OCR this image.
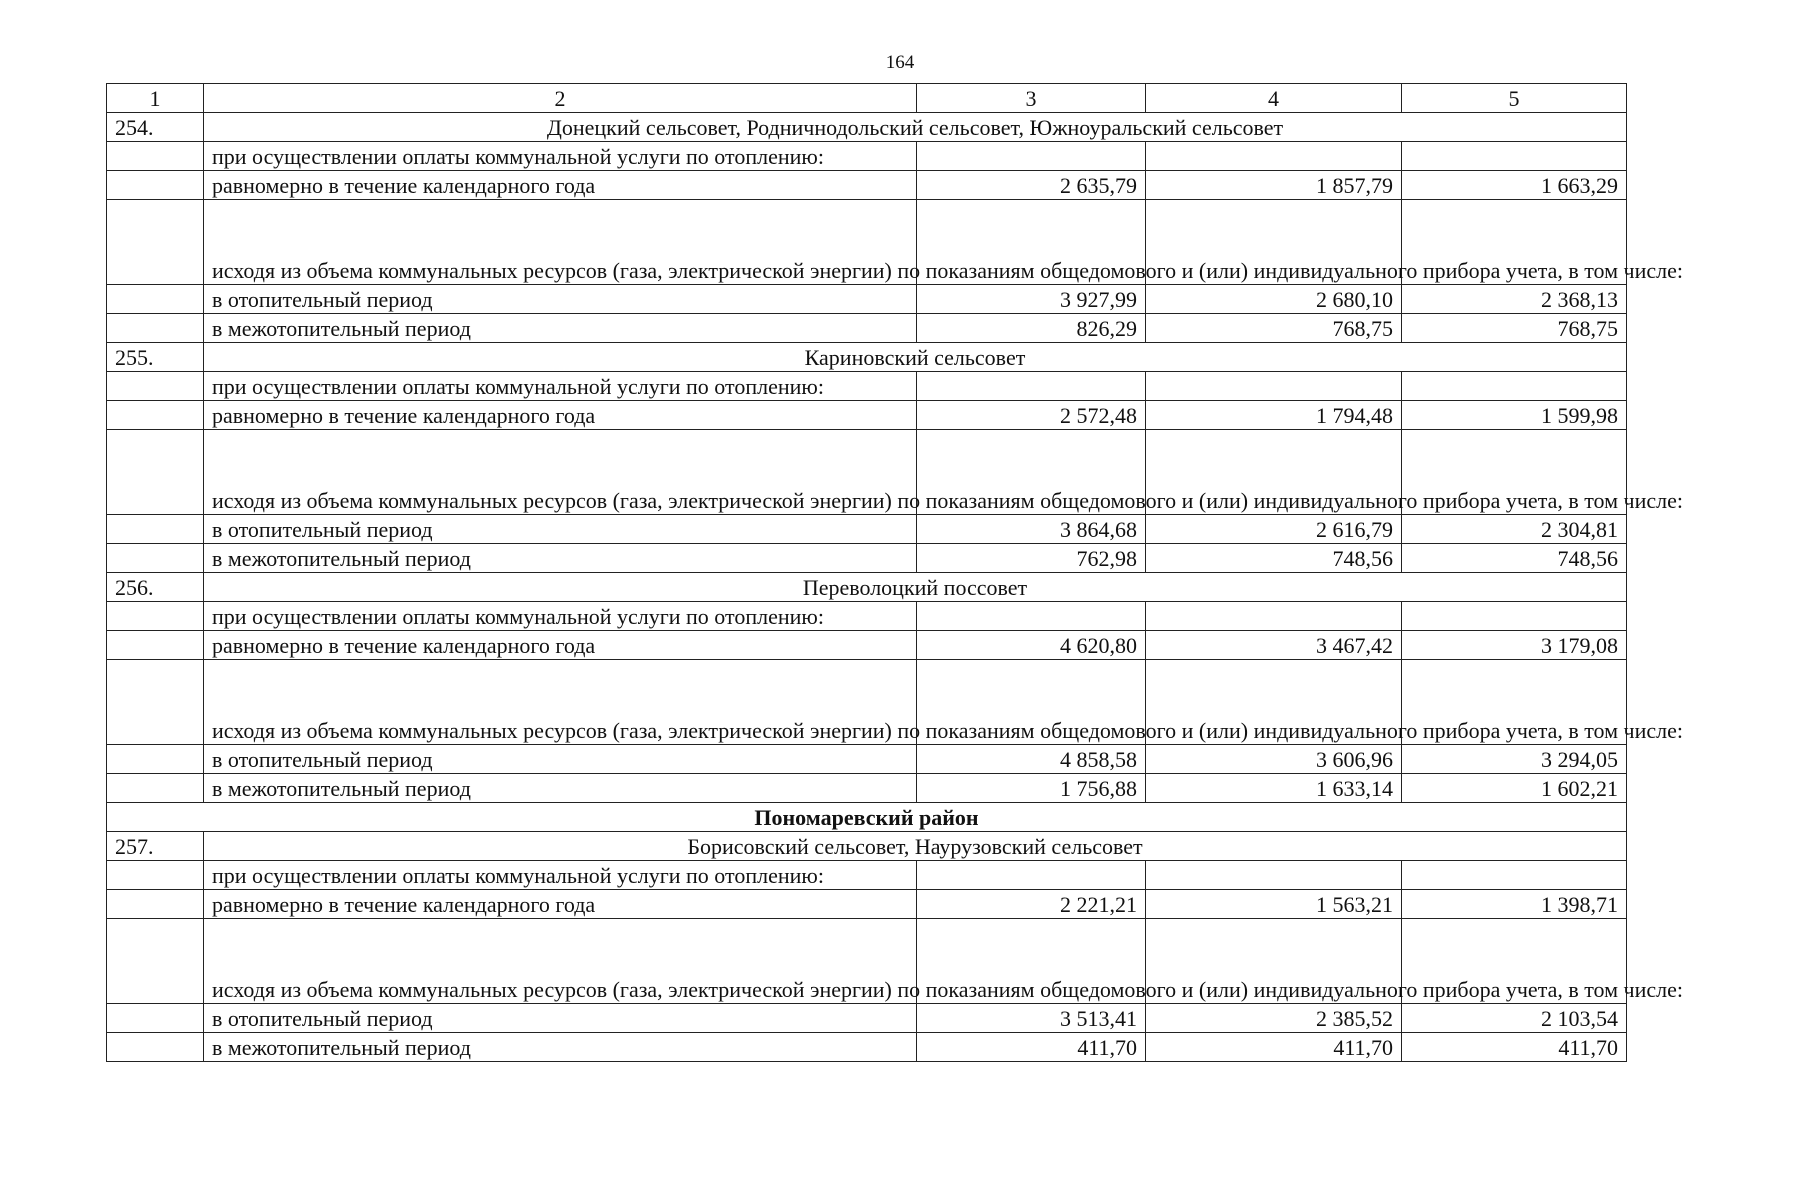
164
1	2	3	4	5
254.	Донецкий сельсовет, Родничнодольский сельсовет, Южноуральский сельсовет			
	при осуществлении оплаты коммунальной услуги по отоплению:			
	равномерно в течение календарного года	2 635,79	1 857,79	1 663,29
	исходя из объема коммунальных ресурсов (газа, электрической энергии) по показаниям общедомового и (или) индивидуального прибора учета, в том числе:			
	в отопительный период	3 927,99	2 680,10	2 368,13
	в межотопительный период	826,29	768,75	768,75
255.	Кариновский сельсовет			
	при осуществлении оплаты коммунальной услуги по отоплению:			
	равномерно в течение календарного года	2 572,48	1 794,48	1 599,98
	исходя из объема коммунальных ресурсов (газа, электрической энергии) по показаниям общедомового и (или) индивидуального прибора учета, в том числе:			
	в отопительный период	3 864,68	2 616,79	2 304,81
	в межотопительный период	762,98	748,56	748,56
256.	Переволоцкий поссовет			
	при осуществлении оплаты коммунальной услуги по отоплению:			
	равномерно в течение календарного года	4 620,80	3 467,42	3 179,08
	исходя из объема коммунальных ресурсов (газа, электрической энергии) по показаниям общедомового и (или) индивидуального прибора учета, в том числе:			
	в отопительный период	4 858,58	3 606,96	3 294,05
	в межотопительный период	1 756,88	1 633,14	1 602,21
Пономаревский район				
257.	Борисовский сельсовет, Наурузовский сельсовет			
	при осуществлении оплаты коммунальной услуги по отоплению:			
	равномерно в течение календарного года	2 221,21	1 563,21	1 398,71
	исходя из объема коммунальных ресурсов (газа, электрической энергии) по показаниям общедомового и (или) индивидуального прибора учета, в том числе:			
	в отопительный период	3 513,41	2 385,52	2 103,54
	в межотопительный период	411,70	411,70	411,70
